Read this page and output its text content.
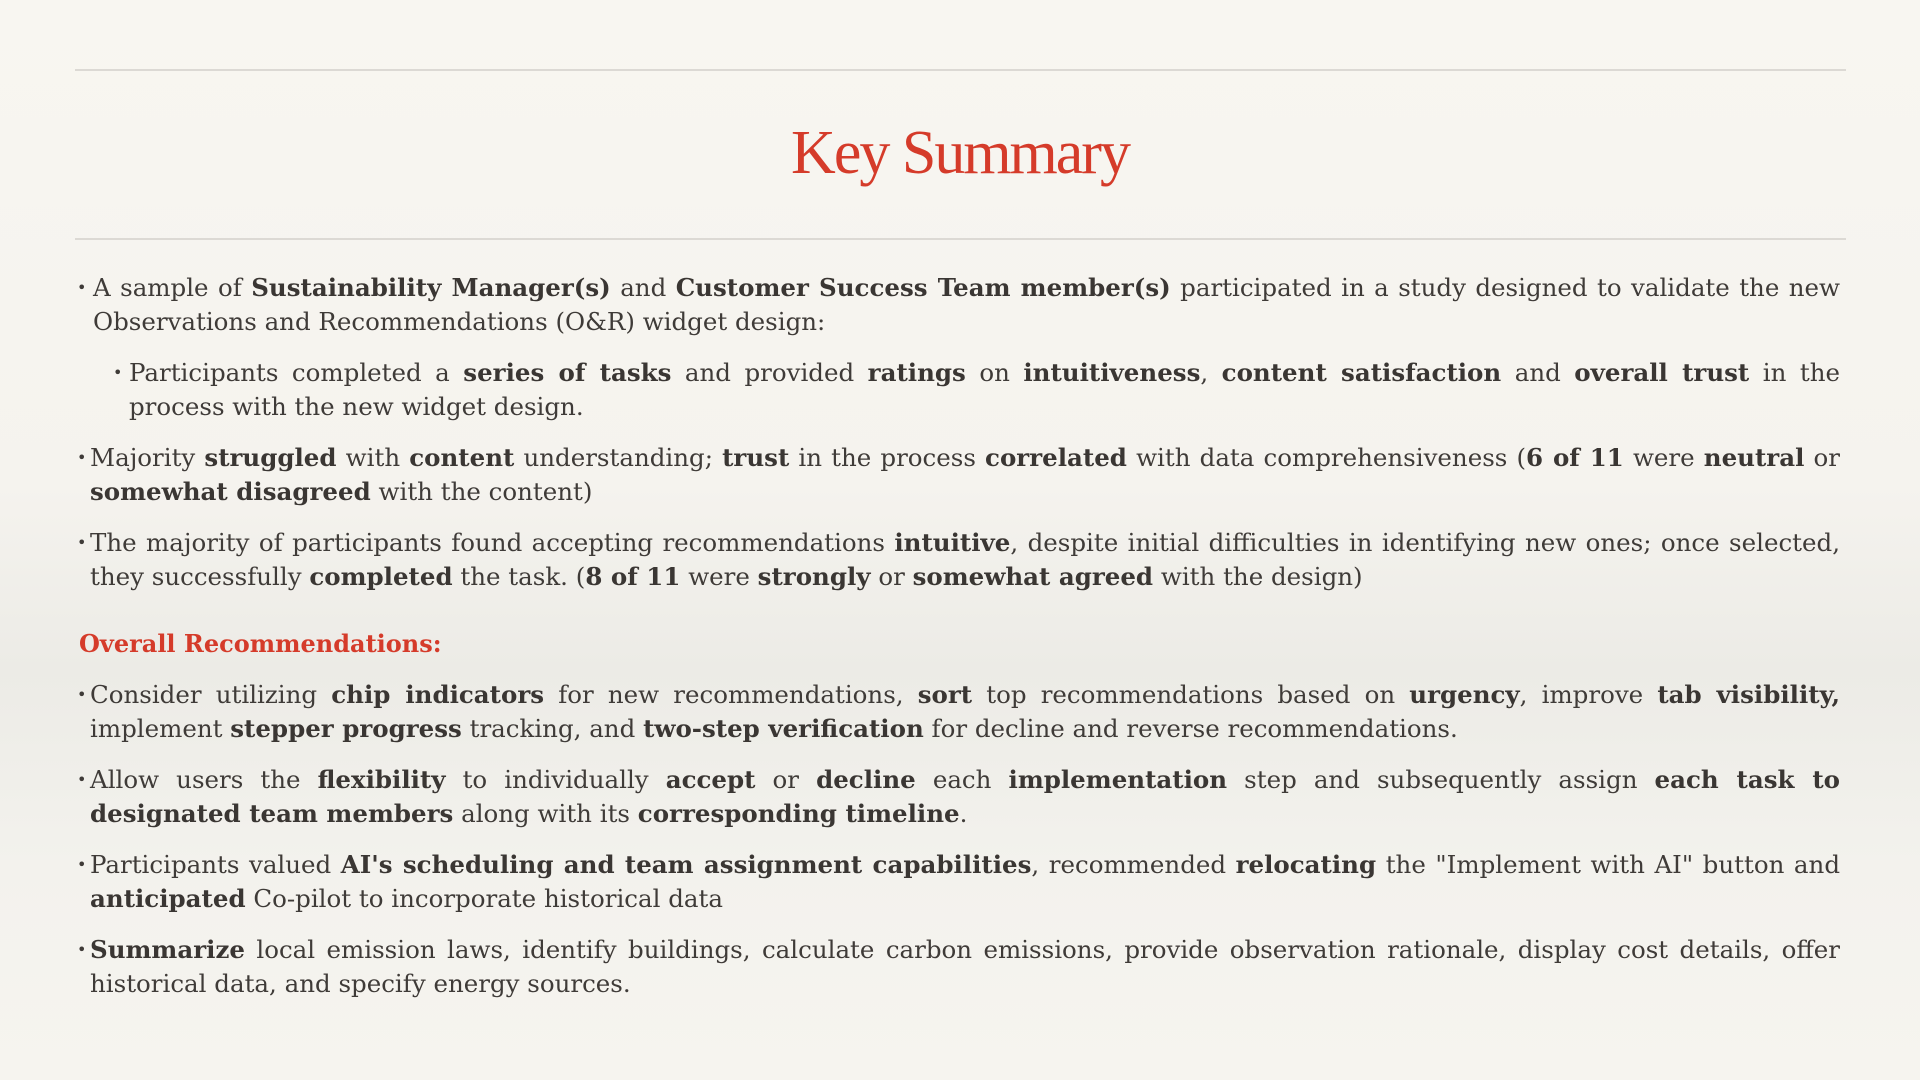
Key Summary
• A sample of Sustainability Manager(s) and Customer Success Team member(s) participated in a study designed to validate the new Observations and Recommendations (O&R) widget design:
• Participants completed a series of tasks and provided ratings on intuitiveness, content satisfaction and overall trust in the process with the new widget design.
• Majority struggled with content understanding; trust in the process correlated with data comprehensiveness (6 of 11 were neutral or somewhat disagreed with the content)
• The majority of participants found accepting recommendations intuitive, despite initial difficulties in identifying new ones; once selected, they successfully completed the task. (8 of 11 were strongly or somewhat agreed with the design)
Overall Recommendations:
• Consider utilizing chip indicators for new recommendations, sort top recommendations based on urgency, improve tab visibility, implement stepper progress tracking, and two-step verification for decline and reverse recommendations.
• Allow users the flexibility to individually accept or decline each implementation step and subsequently assign each task to designated team members along with its corresponding timeline.
• Participants valued AI's scheduling and team assignment capabilities, recommended relocating the "Implement with AI" button and anticipated Co-pilot to incorporate historical data
• Summarize local emission laws, identify buildings, calculate carbon emissions, provide observation rationale, display cost details, offer historical data, and specify energy sources.
